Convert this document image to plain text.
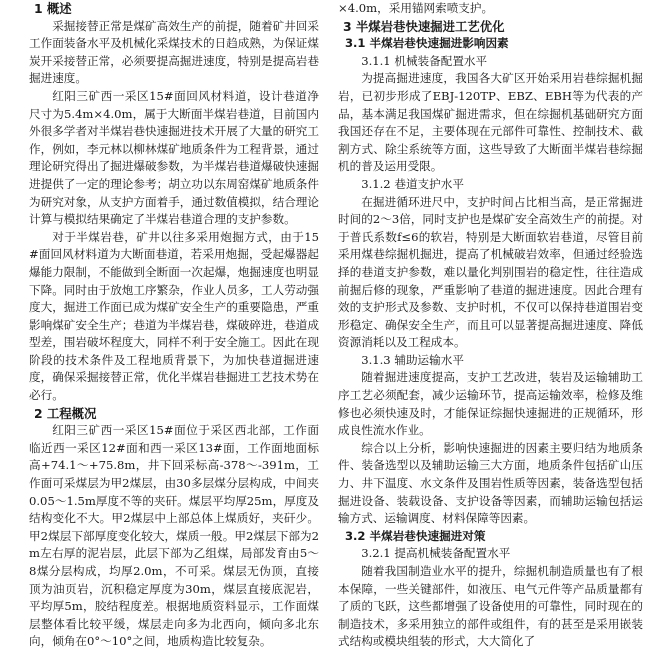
1 概述

采掘接替正常是煤矿高效生产的前提，随着矿井回采工作面装备水平及机械化采煤技术的日趋成熟，为保证煤炭开采接替正常，必须要提高掘进速度，特别是提高岩巷掘进速度。

红阳三矿西一采区15#面回风材料道，设计巷道净尺寸为5.4m×4.0m，属于大断面半煤岩巷道，目前国内外很多学者对半煤岩巷快速掘进技术开展了大量的研究工作，例如，李元林以柳林煤矿地质条件为工程背景，通过理论研究得出了掘进爆破参数，为半煤岩巷道爆破快速掘进提供了一定的理论参考；胡立功以东周窑煤矿地质条件为研究对象，从支护方面着手，通过数值模拟，结合理论计算与模拟结果确定了半煤岩巷道合理的支护参数。

对于半煤岩巷，矿井以往多采用炮掘方式，由于15#面回风材料道为大断面巷道，若采用炮掘，受起爆器起爆能力限制，不能做到全断面一次起爆，炮掘速度也明显下降。同时由于放炮工序繁杂，作业人员多，工人劳动强度大，掘进工作面已成为煤矿安全生产的重要隐患，严重影响煤矿安全生产；巷道为半煤岩巷，煤破碎进，巷道成型差，围岩破坏程度大，同样不利于安全施工。因此在现阶段的技术条件及工程地质背景下，为加快巷道掘进速度，确保采掘接替正常，优化半煤岩巷掘进工艺技术势在必行。

2 工程概况

红阳三矿西一采区15#面位于采区西北部，工作面临近西一采区12#面和西一采区13#面，工作面地面标高+74.1～+75.8m，井下回采标高-378～-391m，工作面可采煤层为甲2煤层，由30多层煤分层构成，中间夹0.05～1.5m厚度不等的夹矸。煤层平均厚25m，厚度及结构变化不大。甲2煤层中上部总体上煤质好，夹矸少。甲2煤层下部厚度变化较大，煤质一般。甲2煤层下部为2m左右厚的泥岩层，此层下部为乙组煤，局部发育由5～8煤分层构成，均厚2.0m，不可采。煤层无伪顶，直接顶为油页岩，沉积稳定厚度为30m，煤层直接底泥岩，平均厚5m，胶结程度差。根据地质资料显示，工作面煤层整体看比较平缓，煤层走向多为北西向，倾向多北东向，倾角在0°～10°之间，地质构造比较复杂。

×4.0m，采用锚网索喷支护。

3 半煤岩巷快速掘进工艺优化
3.1 半煤岩巷快速掘进影响因素
3.1.1 机械装备配置水平

为提高掘进速度，我国各大矿区开始采用岩巷综掘机掘岩，已初步形成了EBJ-120TP、EBZ、EBH等为代表的产品，基本满足我国煤矿掘进需求，但在综掘机基础研究方面我国还存在不足，主要体现在元部件可靠性、控制技术、截割方式、除尘系统等方面，这些导致了大断面半煤岩巷综掘机的普及运用受限。

3.1.2 巷道支护水平

在掘进循环进尺中，支护时间占比相当高，是正常掘进时间的2～3倍，同时支护也是煤矿安全高效生产的前提。对于普氏系数f≤6的软岩，特别是大断面软岩巷道，尽管目前采用煤巷综掘机掘进，提高了机械破岩效率，但通过经验选择的巷道支护参数，难以量化判别围岩的稳定性，往往造成前掘后修的现象，严重影响了巷道的掘进速度。因此合理有效的支护形式及参数、支护时机，不仅可以保持巷道围岩变形稳定、确保安全生产，而且可以显著提高掘进速度、降低资源消耗以及工程成本。

3.1.3 辅助运输水平

随着掘进速度提高，支护工艺改进，装岩及运输辅助工序工艺必须配套，减少运输环节，提高运输效率，检修及维修也必须快速及时，才能保证综掘快速掘进的正规循环，形成良性流水作业。

综合以上分析，影响快速掘进的因素主要归结为地质条件、装备选型以及辅助运输三大方面，地质条件包括矿山压力、井下温度、水文条件及围岩性质等因素，装备选型包括掘进设备、装载设备、支护设备等因素，而辅助运输包括运输方式、运输调度、材料保障等因素。

3.2 半煤岩巷快速掘进对策
3.2.1 提高机械装备配置水平

随着我国制造业水平的提升，综掘机制造质量也有了根本保障，一些关键部件，如液压、电气元件等产品质量都有了质的飞跃，这些都增强了设备使用的可靠性，同时现在的制造技术，多采用独立的部件或组件，有的甚至是采用嵌装式结构或模块组装的形式，大大简化了
